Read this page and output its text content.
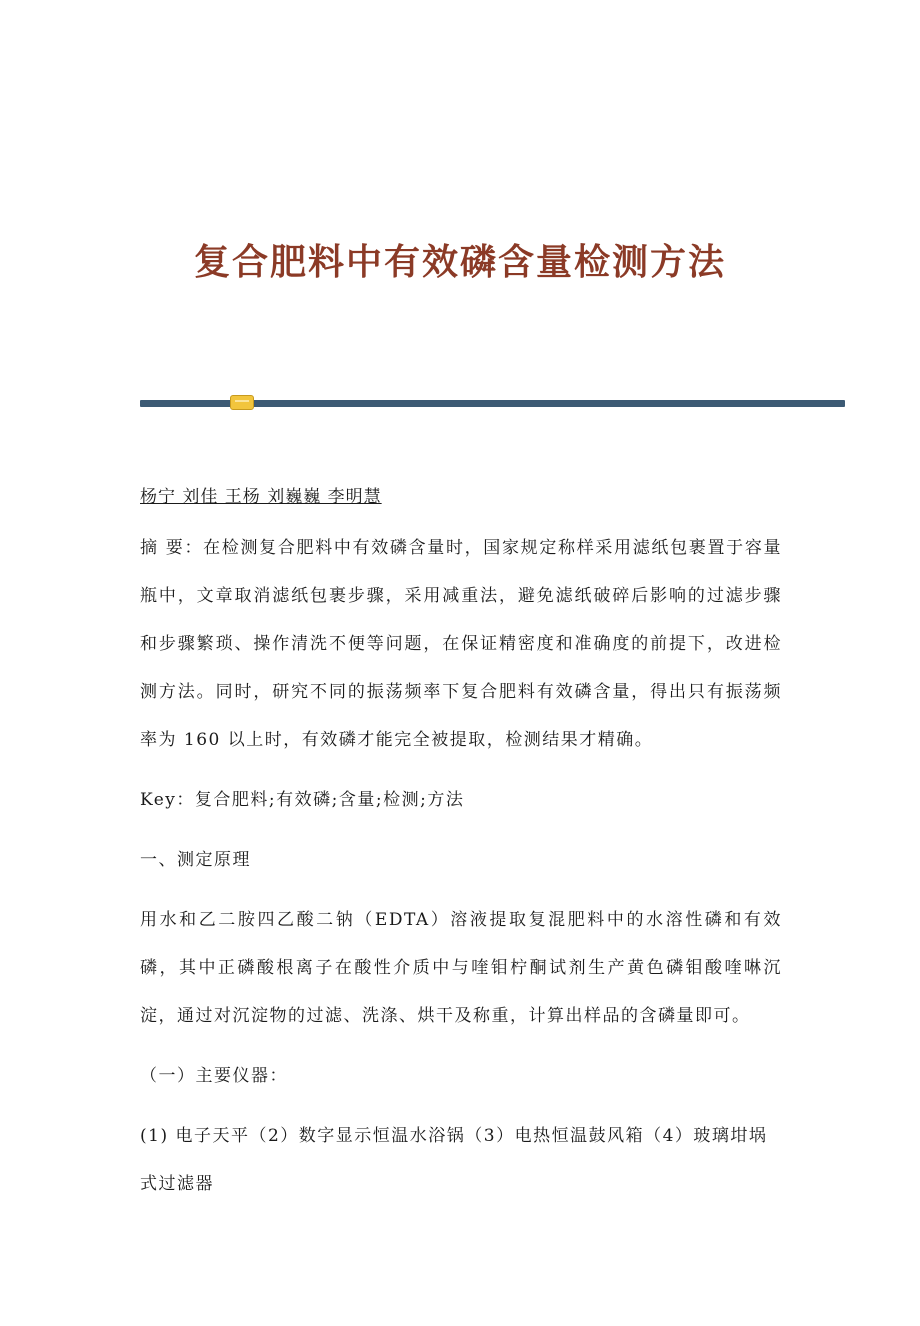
复合肥料中有效磷含量检测方法
杨宁 刘佳 王杨 刘巍巍 李明慧

摘 要：在检测复合肥料中有效磷含量时，国家规定称样采用滤纸包裹置于容量瓶中，文章取消滤纸包裹步骤，采用减重法，避免滤纸破碎后影响的过滤步骤和步骤繁琐、操作清洗不便等问题，在保证精密度和准确度的前提下，改进检测方法。同时，研究不同的振荡频率下复合肥料有效磷含量，得出只有振荡频率为 160 以上时，有效磷才能完全被提取，检测结果才精确。

Key：复合肥料;有效磷;含量;检测;方法

一、测定原理

用水和乙二胺四乙酸二钠（EDTA）溶液提取复混肥料中的水溶性磷和有效磷，其中正磷酸根离子在酸性介质中与喹钼柠酮试剂生产黄色磷钼酸喹啉沉淀，通过对沉淀物的过滤、洗涤、烘干及称重，计算出样品的含磷量即可。

（一）主要仪器：

(1) 电子天平（2）数字显示恒温水浴锅（3）电热恒温鼓风箱（4）玻璃坩埚式过滤器
